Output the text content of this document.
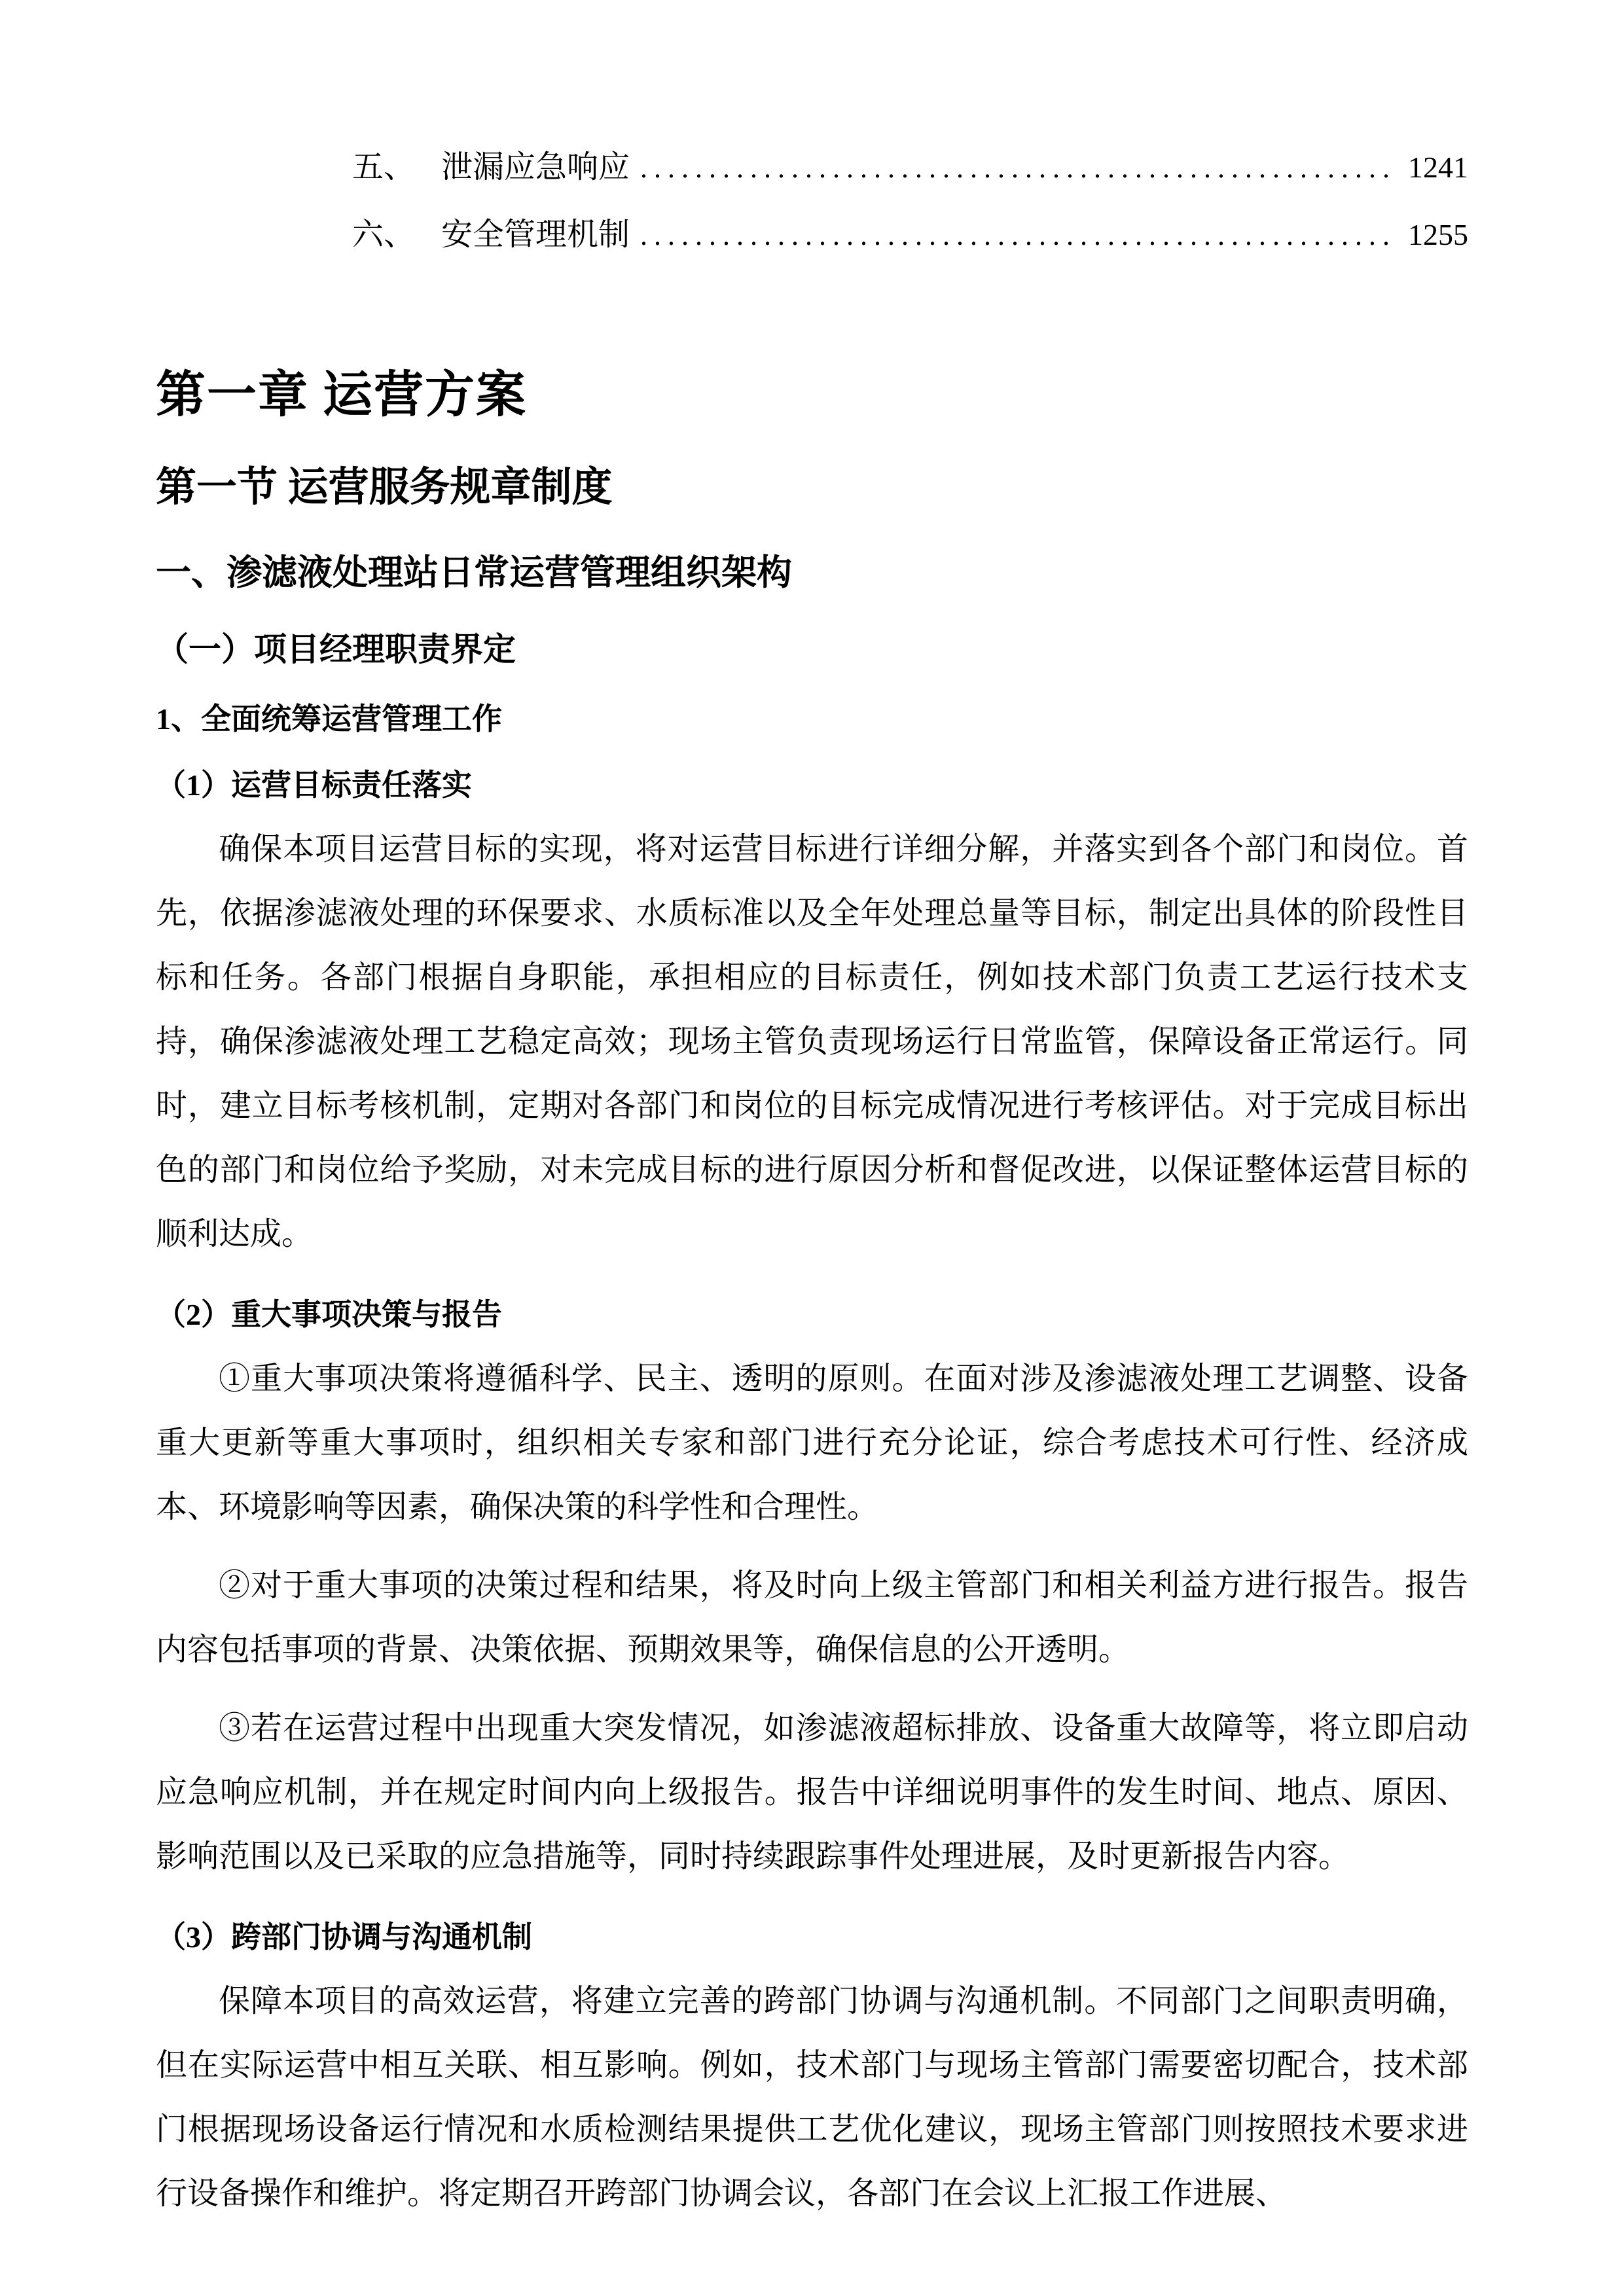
五、 泄漏应急响应 .....	1241
六、 安全管理机制 .....	1255
第一章 运营方案
第一节 运营服务规章制度
一、渗滤液处理站日常运营管理组织架构
（一）项目经理职责界定
1、全面统筹运营管理工作
（1）运营目标责任落实

确保本项目运营目标的实现，将对运营目标进行详细分解，并落实到各个部门和岗位。首先，依据渗滤液处理的环保要求、水质标准以及全年处理总量等目标，制定出具体的阶段性目标和任务。各部门根据自身职能，承担相应的目标责任，例如技术部门负责工艺运行技术支持，确保渗滤液处理工艺稳定高效；现场主管负责现场运行日常监管，保障设备正常运行。同时，建立目标考核机制，定期对各部门和岗位的目标完成情况进行考核评估。对于完成目标出色的部门和岗位给予奖励，对未完成目标的进行原因分析和督促改进，以保证整体运营目标的顺利达成。

（2）重大事项决策与报告

①重大事项决策将遵循科学、民主、透明的原则。在面对涉及渗滤液处理工艺调整、设备重大更新等重大事项时，组织相关专家和部门进行充分论证，综合考虑技术可行性、经济成本、环境影响等因素，确保决策的科学性和合理性。

②对于重大事项的决策过程和结果，将及时向上级主管部门和相关利益方进行报告。报告内容包括事项的背景、决策依据、预期效果等，确保信息的公开透明。

③若在运营过程中出现重大突发情况，如渗滤液超标排放、设备重大故障等，将立即启动应急响应机制，并在规定时间内向上级报告。报告中详细说明事件的发生时间、地点、原因、影响范围以及已采取的应急措施等，同时持续跟踪事件处理进展，及时更新报告内容。

（3）跨部门协调与沟通机制

保障本项目的高效运营，将建立完善的跨部门协调与沟通机制。不同部门之间职责明确，但在实际运营中相互关联、相互影响。例如，技术部门与现场主管部门需要密切配合，技术部门根据现场设备运行情况和水质检测结果提供工艺优化建议，现场主管部门则按照技术要求进行设备操作和维护。将定期召开跨部门协调会议，各部门在会议上汇报工作进展、
